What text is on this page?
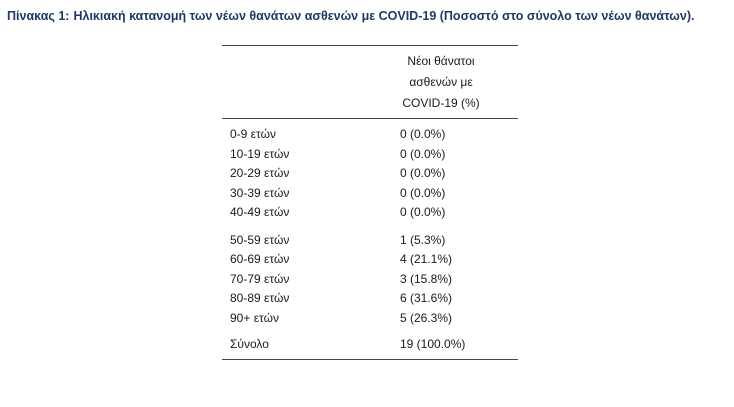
Πίνακας 1: Ηλικιακή κατανομή των νέων θανάτων ασθενών με COVID-19 (Ποσοστό στο σύνολο των νέων θανάτων).
Νέοι θάνατοι
ασθενών με
COVID-19 (%)
0-9 ετών	0 (0.0%)
10-19 ετών	0 (0.0%)
20-29 ετών	0 (0.0%)
30-39 ετών	0 (0.0%)
40-49 ετών	0 (0.0%)
50-59 ετών	1 (5.3%)
60-69 ετών	4 (21.1%)
70-79 ετών	3 (15.8%)
80-89 ετών	6 (31.6%)
90+ ετών	5 (26.3%)
Σύνολο	19 (100.0%)
